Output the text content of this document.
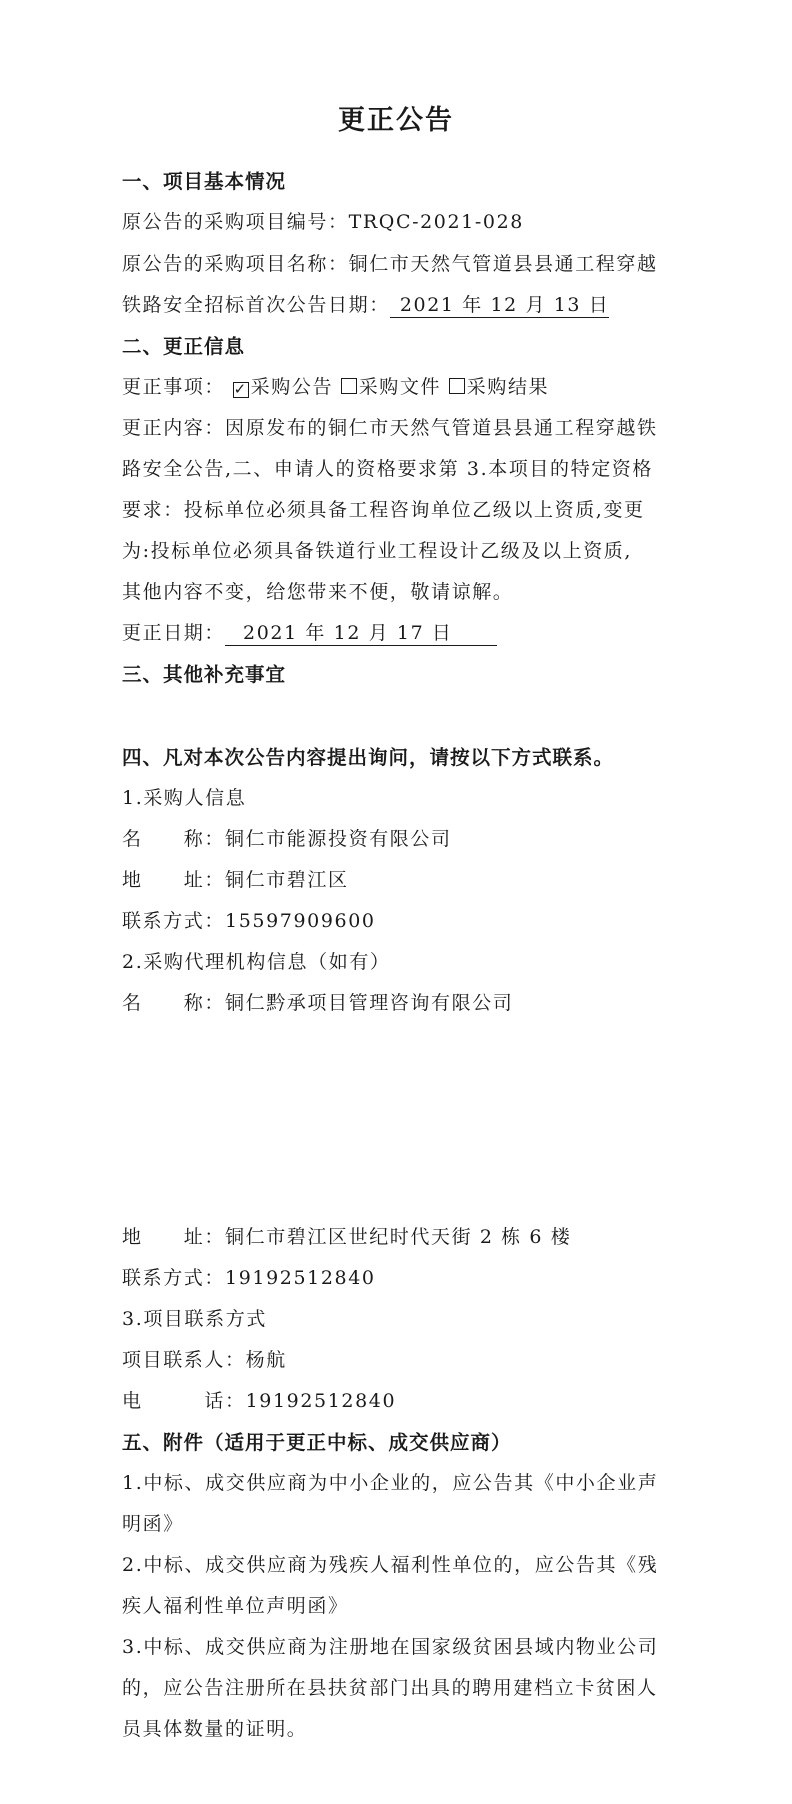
更正公告
一、项目基本情况
原公告的采购项目编号：TRQC-2021-028
原公告的采购项目名称：铜仁市天然气管道县县通工程穿越
铁路安全招标首次公告日期： 2021 年 12 月 13 日
二、更正信息
更正事项： ✓ 采购公告 采购文件 采购结果
更正内容：因原发布的铜仁市天然气管道县县通工程穿越铁
路安全公告,二、申请人的资格要求第 3.本项目的特定资格
要求：投标单位必须具备工程咨询单位乙级以上资质,变更
为:投标单位必须具备铁道行业工程设计乙级及以上资质,
其他内容不变，给您带来不便，敬请谅解。
更正日期： 2021 年 12 月 17 日
三、其他补充事宜
四、凡对本次公告内容提出询问，请按以下方式联系。
1.采购人信息
名　　称：铜仁市能源投资有限公司
地　　址：铜仁市碧江区
联系方式：15597909600
2.采购代理机构信息（如有）
名　　称：铜仁黔承项目管理咨询有限公司
地　　址：铜仁市碧江区世纪时代天街 2 栋 6 楼
联系方式：19192512840
3.项目联系方式
项目联系人：杨航
电　　　话：19192512840
五、附件（适用于更正中标、成交供应商）
1.中标、成交供应商为中小企业的，应公告其《中小企业声
明函》
2.中标、成交供应商为残疾人福利性单位的，应公告其《残
疾人福利性单位声明函》
3.中标、成交供应商为注册地在国家级贫困县域内物业公司
的，应公告注册所在县扶贫部门出具的聘用建档立卡贫困人
员具体数量的证明。
